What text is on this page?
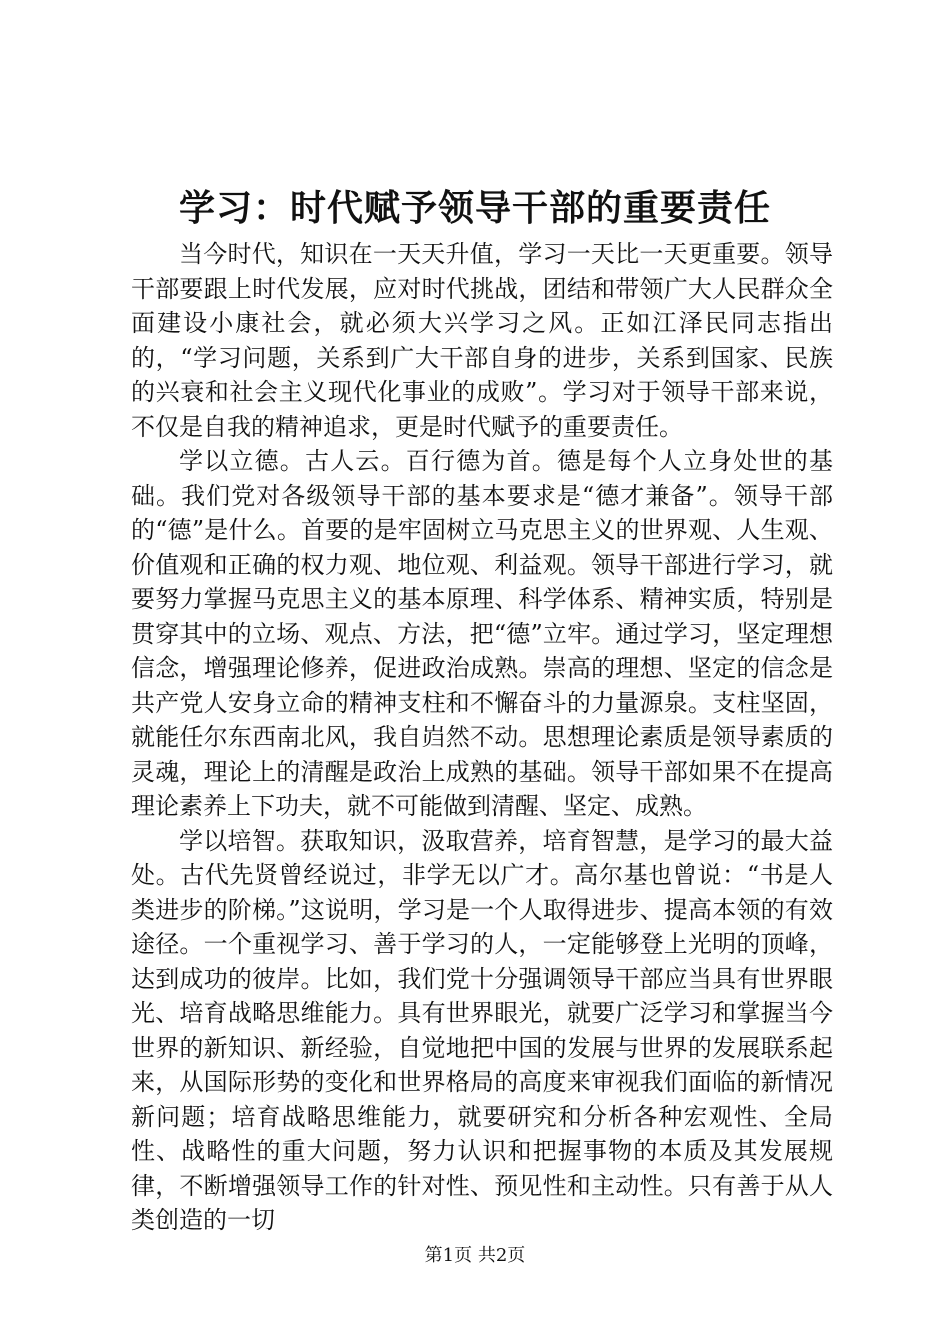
学习：时代赋予领导干部的重要责任

当今时代，知识在一天天升值，学习一天比一天更重要。领导干部要跟上时代发展，应对时代挑战，团结和带领广大人民群众全面建设小康社会，就必须大兴学习之风。正如江泽民同志指出的，“学习问题，关系到广大干部自身的进步，关系到国家、民族的兴衰和社会主义现代化事业的成败”。学习对于领导干部来说，不仅是自我的精神追求，更是时代赋予的重要责任。

学以立德。古人云。百行德为首。德是每个人立身处世的基础。我们党对各级领导干部的基本要求是“德才兼备”。领导干部的“德”是什么。首要的是牢固树立马克思主义的世界观、人生观、价值观和正确的权力观、地位观、利益观。领导干部进行学习，就要努力掌握马克思主义的基本原理、科学体系、精神实质，特别是贯穿其中的立场、观点、方法，把“德”立牢。通过学习，坚定理想信念，增强理论修养，促进政治成熟。崇高的理想、坚定的信念是共产党人安身立命的精神支柱和不懈奋斗的力量源泉。支柱坚固，就能任尔东西南北风，我自岿然不动。思想理论素质是领导素质的灵魂，理论上的清醒是政治上成熟的基础。领导干部如果不在提高理论素养上下功夫，就不可能做到清醒、坚定、成熟。

学以培智。获取知识，汲取营养，培育智慧，是学习的最大益处。古代先贤曾经说过，非学无以广才。高尔基也曾说：“书是人类进步的阶梯。”这说明，学习是一个人取得进步、提高本领的有效途径。一个重视学习、善于学习的人，一定能够登上光明的顶峰，达到成功的彼岸。比如，我们党十分强调领导干部应当具有世界眼光、培育战略思维能力。具有世界眼光，就要广泛学习和掌握当今世界的新知识、新经验，自觉地把中国的发展与世界的发展联系起来，从国际形势的变化和世界格局的高度来审视我们面临的新情况新问题；培育战略思维能力，就要研究和分析各种宏观性、全局性、战略性的重大问题，努力认识和把握事物的本质及其发展规律，不断增强领导工作的针对性、预见性和主动性。只有善于从人类创造的一切

第1页 共2页
